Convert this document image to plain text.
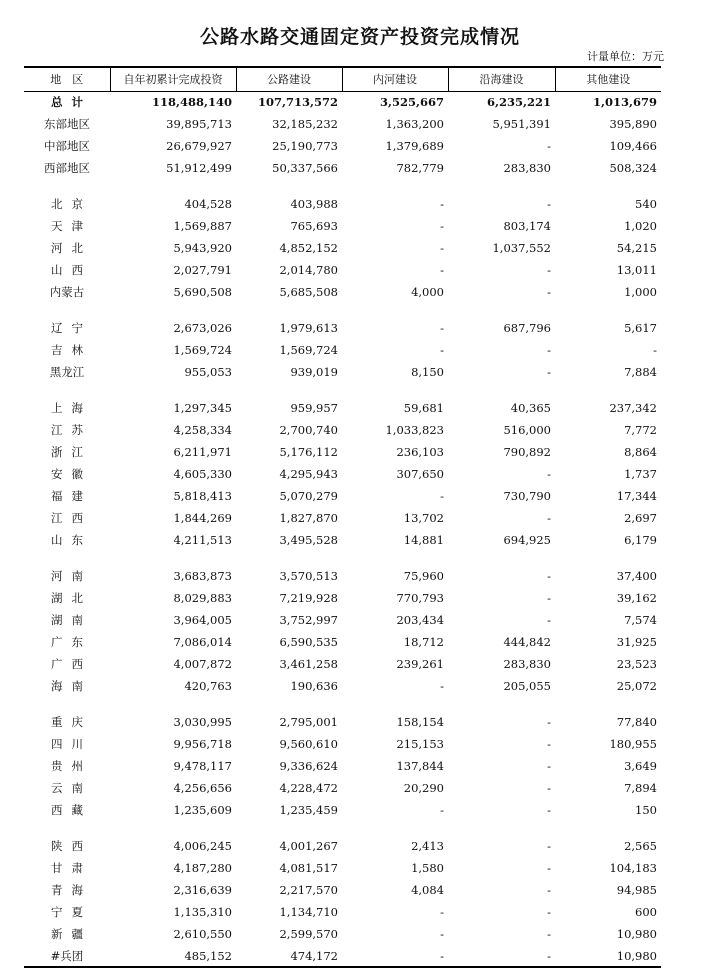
公路水路交通固定资产投资完成情况
计量单位：万元
地　区	自年初累计完成投资	公路建设	内河建设	沿海建设	其他建设
总计	118,488,140	107,713,572	3,525,667	6,235,221	1,013,679
东部地区	39,895,713	32,185,232	1,363,200	5,951,391	395,890
中部地区	26,679,927	25,190,773	1,379,689	-	109,466
西部地区	51,912,499	50,337,566	782,779	283,830	508,324

北京	404,528	403,988	-	-	540
天津	1,569,887	765,693	-	803,174	1,020
河北	5,943,920	4,852,152	-	1,037,552	54,215
山西	2,027,791	2,014,780	-	-	13,011
内蒙古	5,690,508	5,685,508	4,000	-	1,000

辽宁	2,673,026	1,979,613	-	687,796	5,617
吉林	1,569,724	1,569,724	-	-	-
黑龙江	955,053	939,019	8,150	-	7,884

上海	1,297,345	959,957	59,681	40,365	237,342
江苏	4,258,334	2,700,740	1,033,823	516,000	7,772
浙江	6,211,971	5,176,112	236,103	790,892	8,864
安徽	4,605,330	4,295,943	307,650	-	1,737
福建	5,818,413	5,070,279	-	730,790	17,344
江西	1,844,269	1,827,870	13,702	-	2,697
山东	4,211,513	3,495,528	14,881	694,925	6,179

河南	3,683,873	3,570,513	75,960	-	37,400
湖北	8,029,883	7,219,928	770,793	-	39,162
湖南	3,964,005	3,752,997	203,434	-	7,574
广东	7,086,014	6,590,535	18,712	444,842	31,925
广西	4,007,872	3,461,258	239,261	283,830	23,523
海南	420,763	190,636	-	205,055	25,072

重庆	3,030,995	2,795,001	158,154	-	77,840
四川	9,956,718	9,560,610	215,153	-	180,955
贵州	9,478,117	9,336,624	137,844	-	3,649
云南	4,256,656	4,228,472	20,290	-	7,894
西藏	1,235,609	1,235,459	-	-	150

陕西	4,006,245	4,001,267	2,413	-	2,565
甘肃	4,187,280	4,081,517	1,580	-	104,183
青海	2,316,639	2,217,570	4,084	-	94,985
宁夏	1,135,310	1,134,710	-	-	600
新疆	2,610,550	2,599,570	-	-	10,980
#兵团	485,152	474,172	-	-	10,980
